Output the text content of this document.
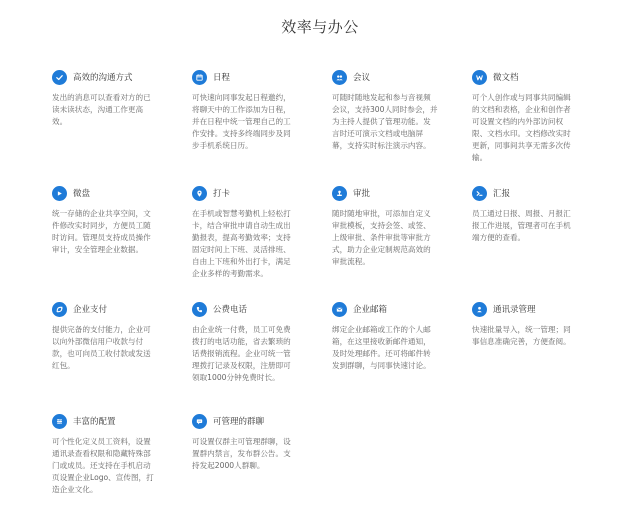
效率与办公
高效的沟通方式
发出的消息可以查看对方的已读未读状态，沟通工作更高效。
日程
可快速向同事发起日程邀约，将聊天中的工作添加为日程，并在日程中统一管理自己的工作安排。支持多终端同步及同步手机系统日历。
会议
可随时随地发起和参与音视频会议，支持300人同时参会，并为主持人提供了管理功能。发言时还可演示文档或电脑屏幕，支持实时标注演示内容。
微文档
可个人创作或与同事共同编辑的文档和表格，企业和创作者可设置文档的内外部访问权限、文档水印。文档修改实时更新，同事间共享无需多次传输。
微盘
统一存储的企业共享空间，文件修改实时同步，方便员工随时访问。管理员支持成员操作审计，安全管理企业数据。
打卡
在手机或智慧考勤机上轻松打卡，结合审批申请自动生成出勤报表，提高考勤效率；支持固定时间上下班、灵活排班、自由上下班和外出打卡，满足企业多样的考勤需求。
审批
随时随地审批，可添加自定义审批模板，支持会签、或签、上级审批、条件审批等审批方式，助力企业定制规范高效的审批流程。
汇报
员工通过日报、周报、月报汇报工作进展，管理者可在手机端方便的查看。
企业支付
提供完备的支付能力，企业可以向外部微信用户收款与付款，也可向员工收付款或发送红包。
公费电话
由企业统一付费，员工可免费拨打的电话功能，省去繁琐的话费报销流程。企业可统一管理拨打记录及权限，注册即可领取1000分钟免费时长。
企业邮箱
绑定企业邮箱或工作的个人邮箱，在这里接收新邮件通知，及时处理邮件。还可将邮件转发到群聊，与同事快速讨论。
通讯录管理
快速批量导入，统一管理；同事信息准确完善，方便查阅。
丰富的配置
可个性化定义员工资料，设置通讯录查看权限和隐藏特殊部门或成员。还支持在手机启动页设置企业Logo、宣传图，打造企业文化。
可管理的群聊
可设置仅群主可管理群聊，设置群内禁言，发布群公告。支持发起2000人群聊。
